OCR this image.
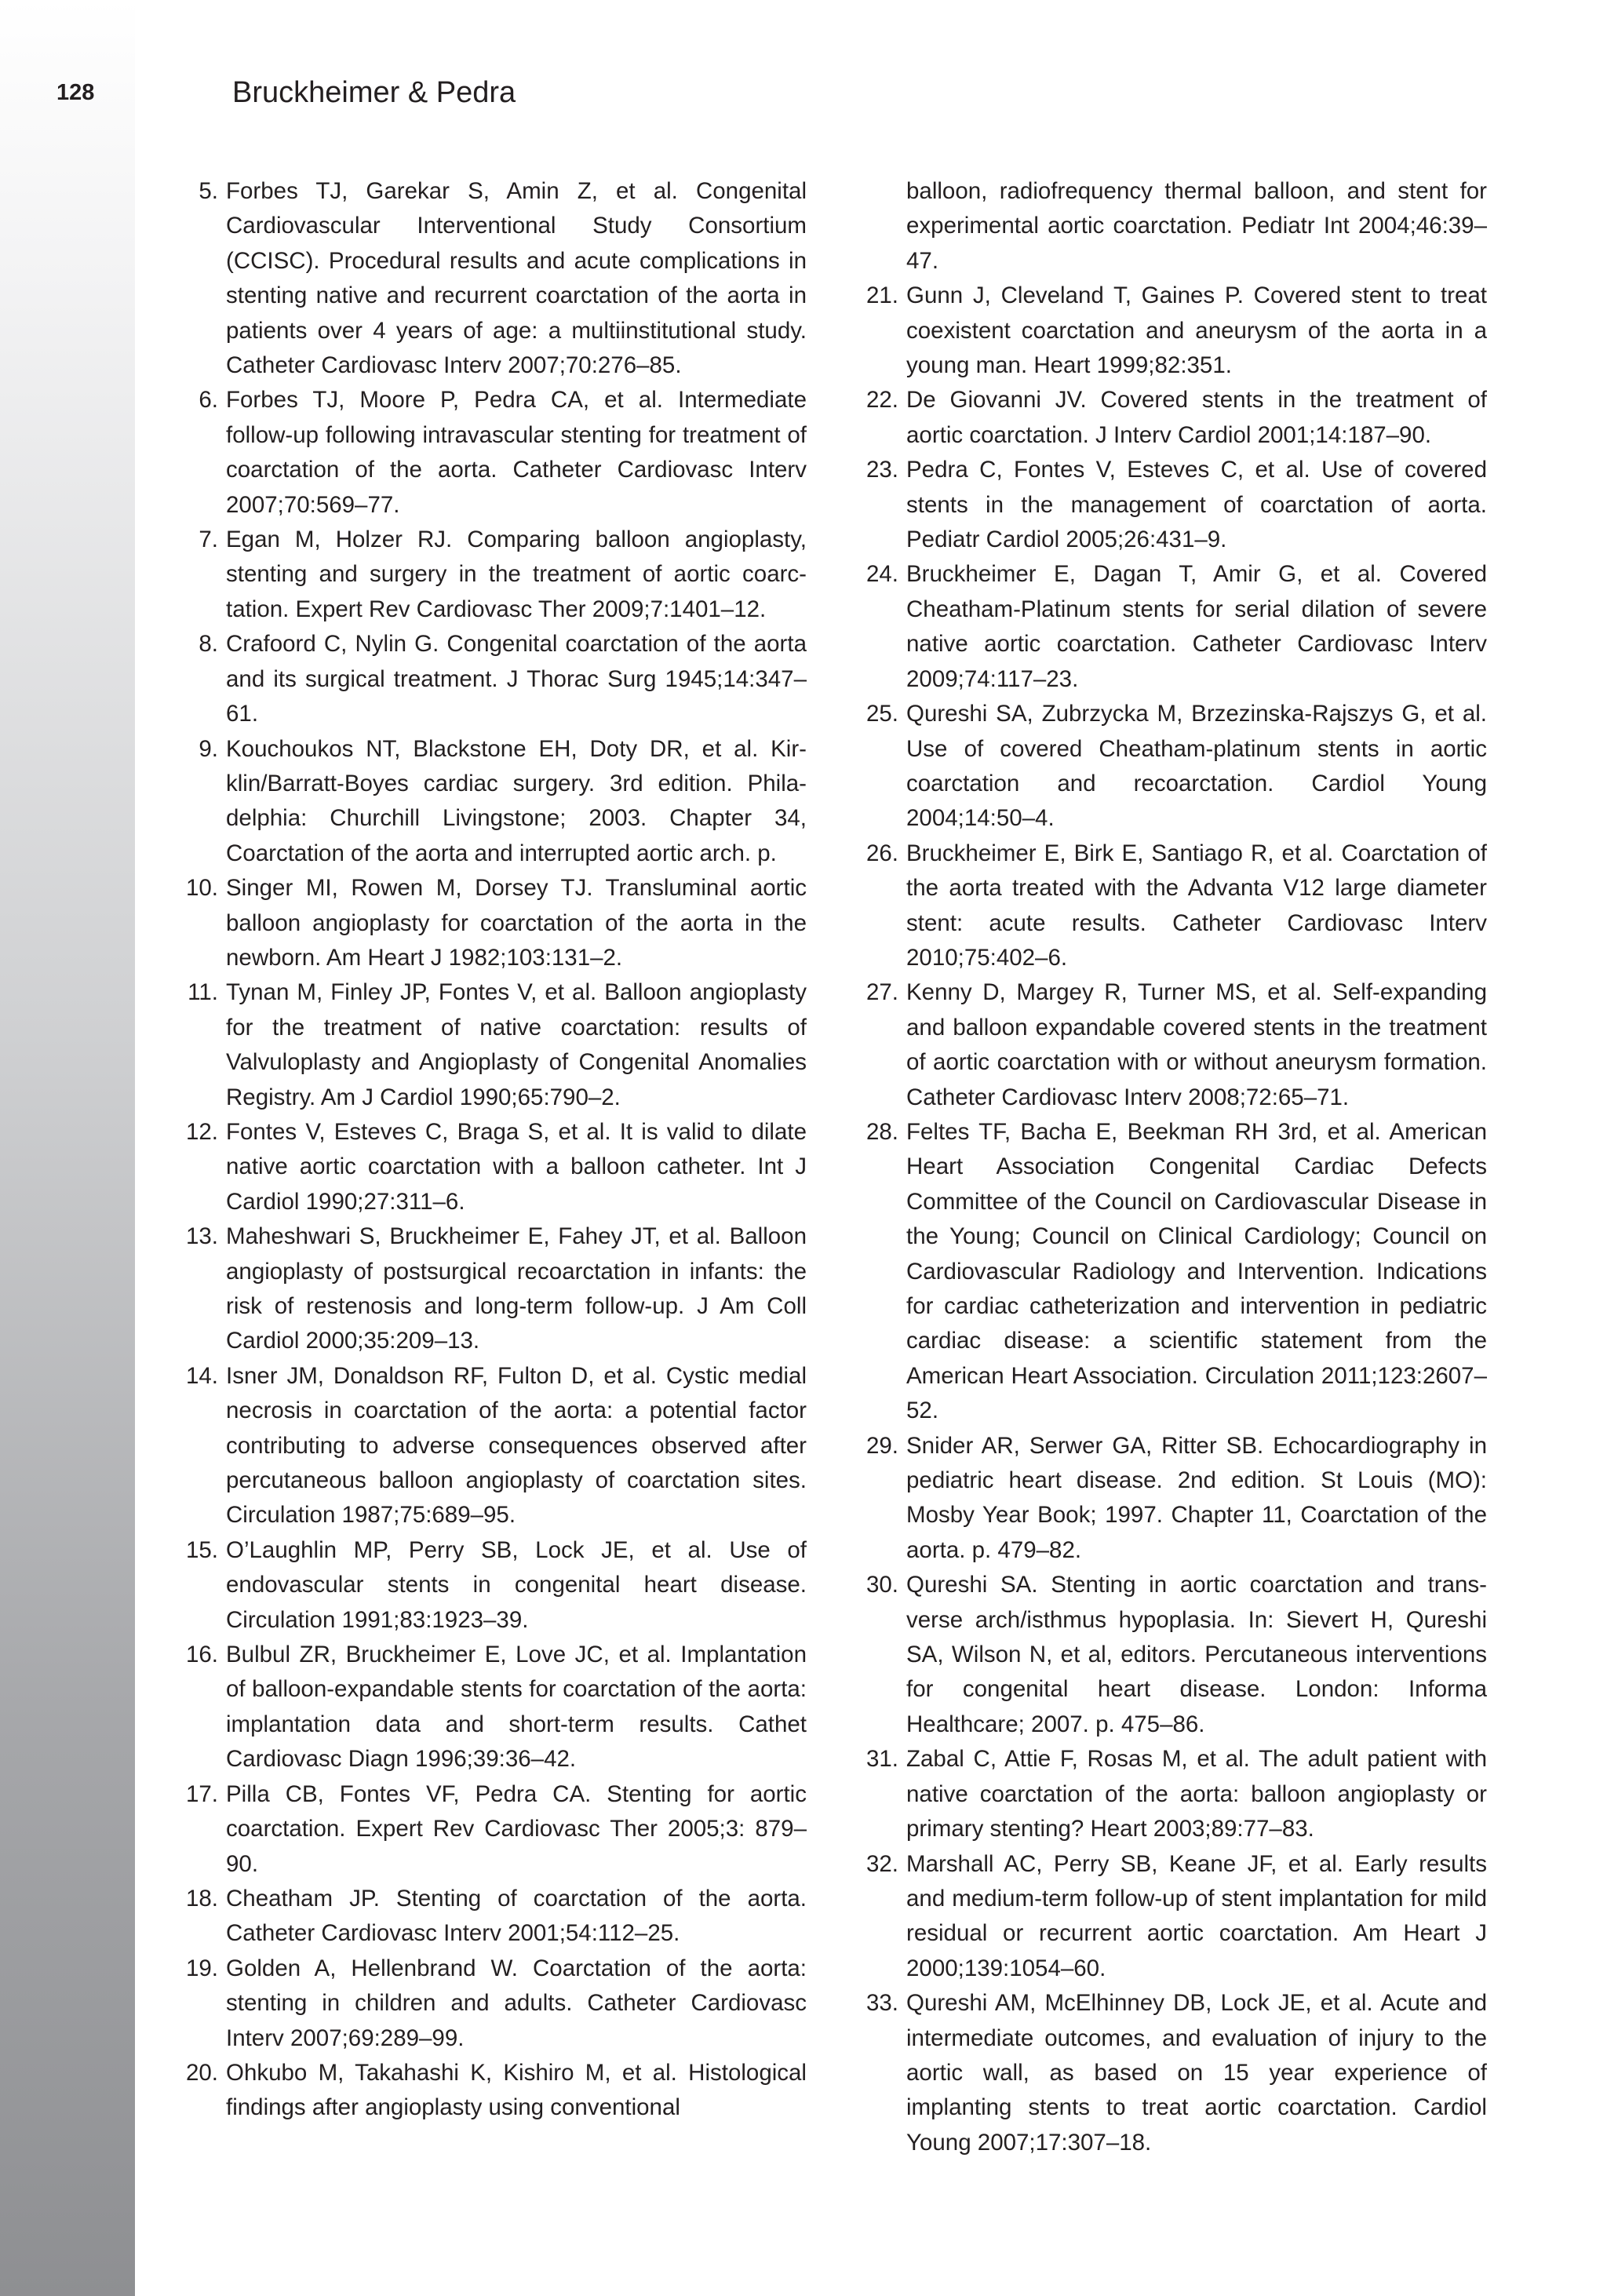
128	Bruckheimer & Pedra
5. Forbes TJ, Garekar S, Amin Z, et al. Congenital Cardiovascular Interventional Study Consortium (CCISC). Procedural results and acute complications in stenting native and recurrent coarctation of the aorta in patients over 4 years of age: a multiinstitutional study. Catheter Cardiovasc Interv 2007;70:276–85.
6. Forbes TJ, Moore P, Pedra CA, et al. Intermediate follow-up following intravascular stenting for treatment of coarctation of the aorta. Catheter Cardiovasc Interv 2007;70:569–77.
7. Egan M, Holzer RJ. Comparing balloon angioplasty, stenting and surgery in the treatment of aortic coarctation. Expert Rev Cardiovasc Ther 2009;7:1401–12.
8. Crafoord C, Nylin G. Congenital coarctation of the aorta and its surgical treatment. J Thorac Surg 1945;14:347–61.
9. Kouchoukos NT, Blackstone EH, Doty DR, et al. Kirklin/Barratt-Boyes cardiac surgery. 3rd edition. Philadelphia: Churchill Livingstone; 2003. Chapter 34, Coarctation of the aorta and interrupted aortic arch. p.
10. Singer MI, Rowen M, Dorsey TJ. Transluminal aortic balloon angioplasty for coarctation of the aorta in the newborn. Am Heart J 1982;103:131–2.
11. Tynan M, Finley JP, Fontes V, et al. Balloon angioplasty for the treatment of native coarctation: results of Valvuloplasty and Angioplasty of Congenital Anomalies Registry. Am J Cardiol 1990;65:790–2.
12. Fontes V, Esteves C, Braga S, et al. It is valid to dilate native aortic coarctation with a balloon catheter. Int J Cardiol 1990;27:311–6.
13. Maheshwari S, Bruckheimer E, Fahey JT, et al. Balloon angioplasty of postsurgical recoarctation in infants: the risk of restenosis and long-term follow-up. J Am Coll Cardiol 2000;35:209–13.
14. Isner JM, Donaldson RF, Fulton D, et al. Cystic medial necrosis in coarctation of the aorta: a potential factor contributing to adverse consequences observed after percutaneous balloon angioplasty of coarctation sites. Circulation 1987;75:689–95.
15. O’Laughlin MP, Perry SB, Lock JE, et al. Use of endovascular stents in congenital heart disease. Circulation 1991;83:1923–39.
16. Bulbul ZR, Bruckheimer E, Love JC, et al. Implantation of balloon-expandable stents for coarctation of the aorta: implantation data and short-term results. Cathet Cardiovasc Diagn 1996;39:36–42.
17. Pilla CB, Fontes VF, Pedra CA. Stenting for aortic coarctation. Expert Rev Cardiovasc Ther 2005;3: 879–90.
18. Cheatham JP. Stenting of coarctation of the aorta. Catheter Cardiovasc Interv 2001;54:112–25.
19. Golden A, Hellenbrand W. Coarctation of the aorta: stenting in children and adults. Catheter Cardiovasc Interv 2007;69:289–99.
20. Ohkubo M, Takahashi K, Kishiro M, et al. Histological findings after angioplasty using conventional
balloon, radiofrequency thermal balloon, and stent for experimental aortic coarctation. Pediatr Int 2004;46:39–47.
21. Gunn J, Cleveland T, Gaines P. Covered stent to treat coexistent coarctation and aneurysm of the aorta in a young man. Heart 1999;82:351.
22. De Giovanni JV. Covered stents in the treatment of aortic coarctation. J Interv Cardiol 2001;14:187–90.
23. Pedra C, Fontes V, Esteves C, et al. Use of covered stents in the management of coarctation of aorta. Pediatr Cardiol 2005;26:431–9.
24. Bruckheimer E, Dagan T, Amir G, et al. Covered Cheatham-Platinum stents for serial dilation of severe native aortic coarctation. Catheter Cardiovasc Interv 2009;74:117–23.
25. Qureshi SA, Zubrzycka M, Brzezinska-Rajszys G, et al. Use of covered Cheatham-platinum stents in aortic coarctation and recoarctation. Cardiol Young 2004;14:50–4.
26. Bruckheimer E, Birk E, Santiago R, et al. Coarctation of the aorta treated with the Advanta V12 large diameter stent: acute results. Catheter Cardiovasc Interv 2010;75:402–6.
27. Kenny D, Margey R, Turner MS, et al. Self-expanding and balloon expandable covered stents in the treatment of aortic coarctation with or without aneurysm formation. Catheter Cardiovasc Interv 2008;72:65–71.
28. Feltes TF, Bacha E, Beekman RH 3rd, et al. American Heart Association Congenital Cardiac Defects Committee of the Council on Cardiovascular Disease in the Young; Council on Clinical Cardiology; Council on Cardiovascular Radiology and Intervention. Indications for cardiac catheterization and intervention in pediatric cardiac disease: a scientific statement from the American Heart Association. Circulation 2011;123:2607–52.
29. Snider AR, Serwer GA, Ritter SB. Echocardiography in pediatric heart disease. 2nd edition. St Louis (MO): Mosby Year Book; 1997. Chapter 11, Coarctation of the aorta. p. 479–82.
30. Qureshi SA. Stenting in aortic coarctation and transverse arch/isthmus hypoplasia. In: Sievert H, Qureshi SA, Wilson N, et al, editors. Percutaneous interventions for congenital heart disease. London: Informa Healthcare; 2007. p. 475–86.
31. Zabal C, Attie F, Rosas M, et al. The adult patient with native coarctation of the aorta: balloon angioplasty or primary stenting? Heart 2003;89:77–83.
32. Marshall AC, Perry SB, Keane JF, et al. Early results and medium-term follow-up of stent implantation for mild residual or recurrent aortic coarctation. Am Heart J 2000;139:1054–60.
33. Qureshi AM, McElhinney DB, Lock JE, et al. Acute and intermediate outcomes, and evaluation of injury to the aortic wall, as based on 15 year experience of implanting stents to treat aortic coarctation. Cardiol Young 2007;17:307–18.
